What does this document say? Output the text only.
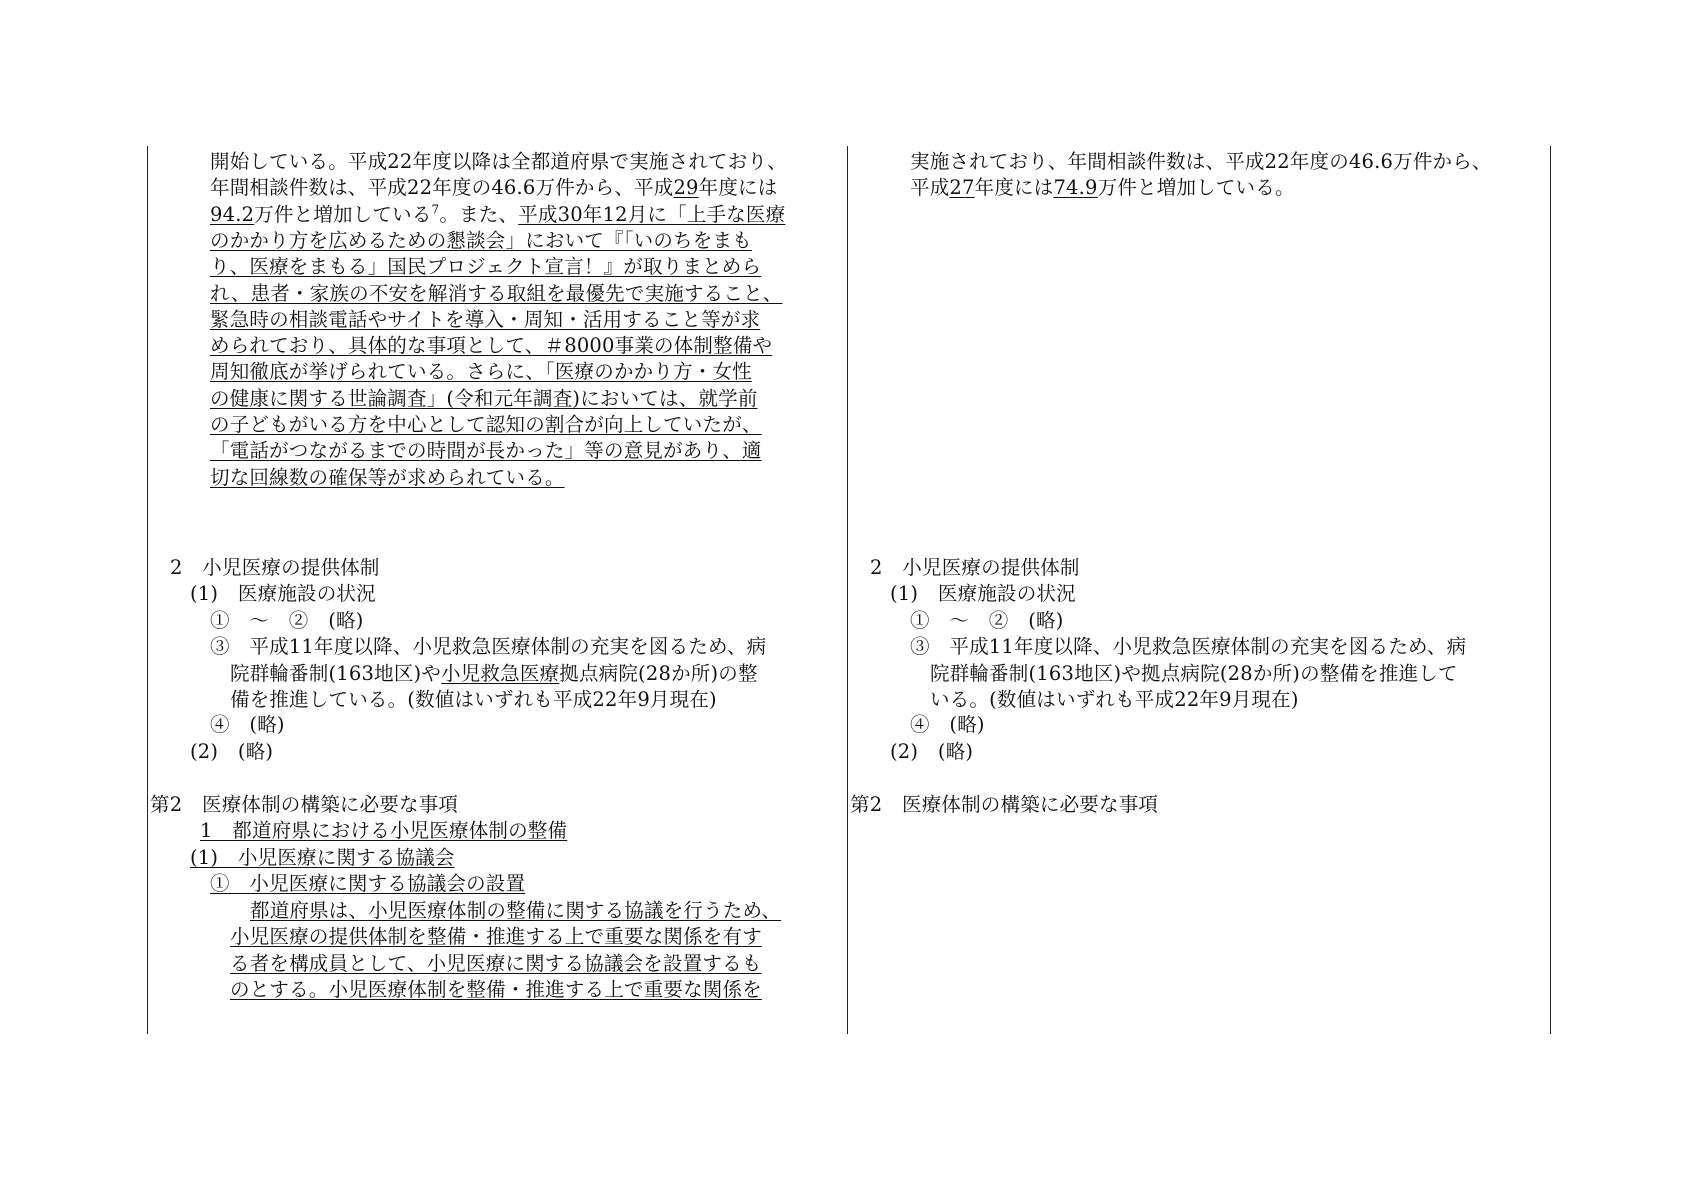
開始している。平成22年度以降は全都道府県で実施されており、
年間相談件数は、平成22年度の46.6万件から、平成29年度には
94.2万件と増加している$^7$。また、平成30年12月に「上手な医療
のかかり方を広めるための懇談会」において『「いのちをまも
り、医療をまもる」国民プロジェクト宣言！』が取りまとめら
れ、患者・家族の不安を解消する取組を最優先で実施すること、
緊急時の相談電話やサイトを導入・周知・活用すること等が求
められており、具体的な事項として、＃8000事業の体制整備や
周知徹底が挙げられている。さらに、「医療のかかり方・女性
の健康に関する世論調査」(令和元年調査)においては、就学前
の子どもがいる方を中心として認知の割合が向上していたが、
「電話がつながるまでの時間が長かった」等の意見があり、適
切な回線数の確保等が求められている。
2　小児医療の提供体制
(1)　医療施設の状況
①　～　②　(略)
③　平成11年度以降、小児救急医療体制の充実を図るため、病
院群輪番制(163地区)や小児救急医療拠点病院(28か所)の整
備を推進している。(数値はいずれも平成22年9月現在)
④　(略)
(2)　(略)
第2　医療体制の構築に必要な事項
1　都道府県における小児医療体制の整備
(1)　小児医療に関する協議会
①　小児医療に関する協議会の設置
都道府県は、小児医療体制の整備に関する協議を行うため、
小児医療の提供体制を整備・推進する上で重要な関係を有す
る者を構成員として、小児医療に関する協議会を設置するも
のとする。小児医療体制を整備・推進する上で重要な関係を
実施されており、年間相談件数は、平成22年度の46.6万件から、
平成27年度には74.9万件と増加している。
2　小児医療の提供体制
(1)　医療施設の状況
①　～　②　(略)
③　平成11年度以降、小児救急医療体制の充実を図るため、病
院群輪番制(163地区)や拠点病院(28か所)の整備を推進して
いる。(数値はいずれも平成22年9月現在)
④　(略)
(2)　(略)
第2　医療体制の構築に必要な事項
